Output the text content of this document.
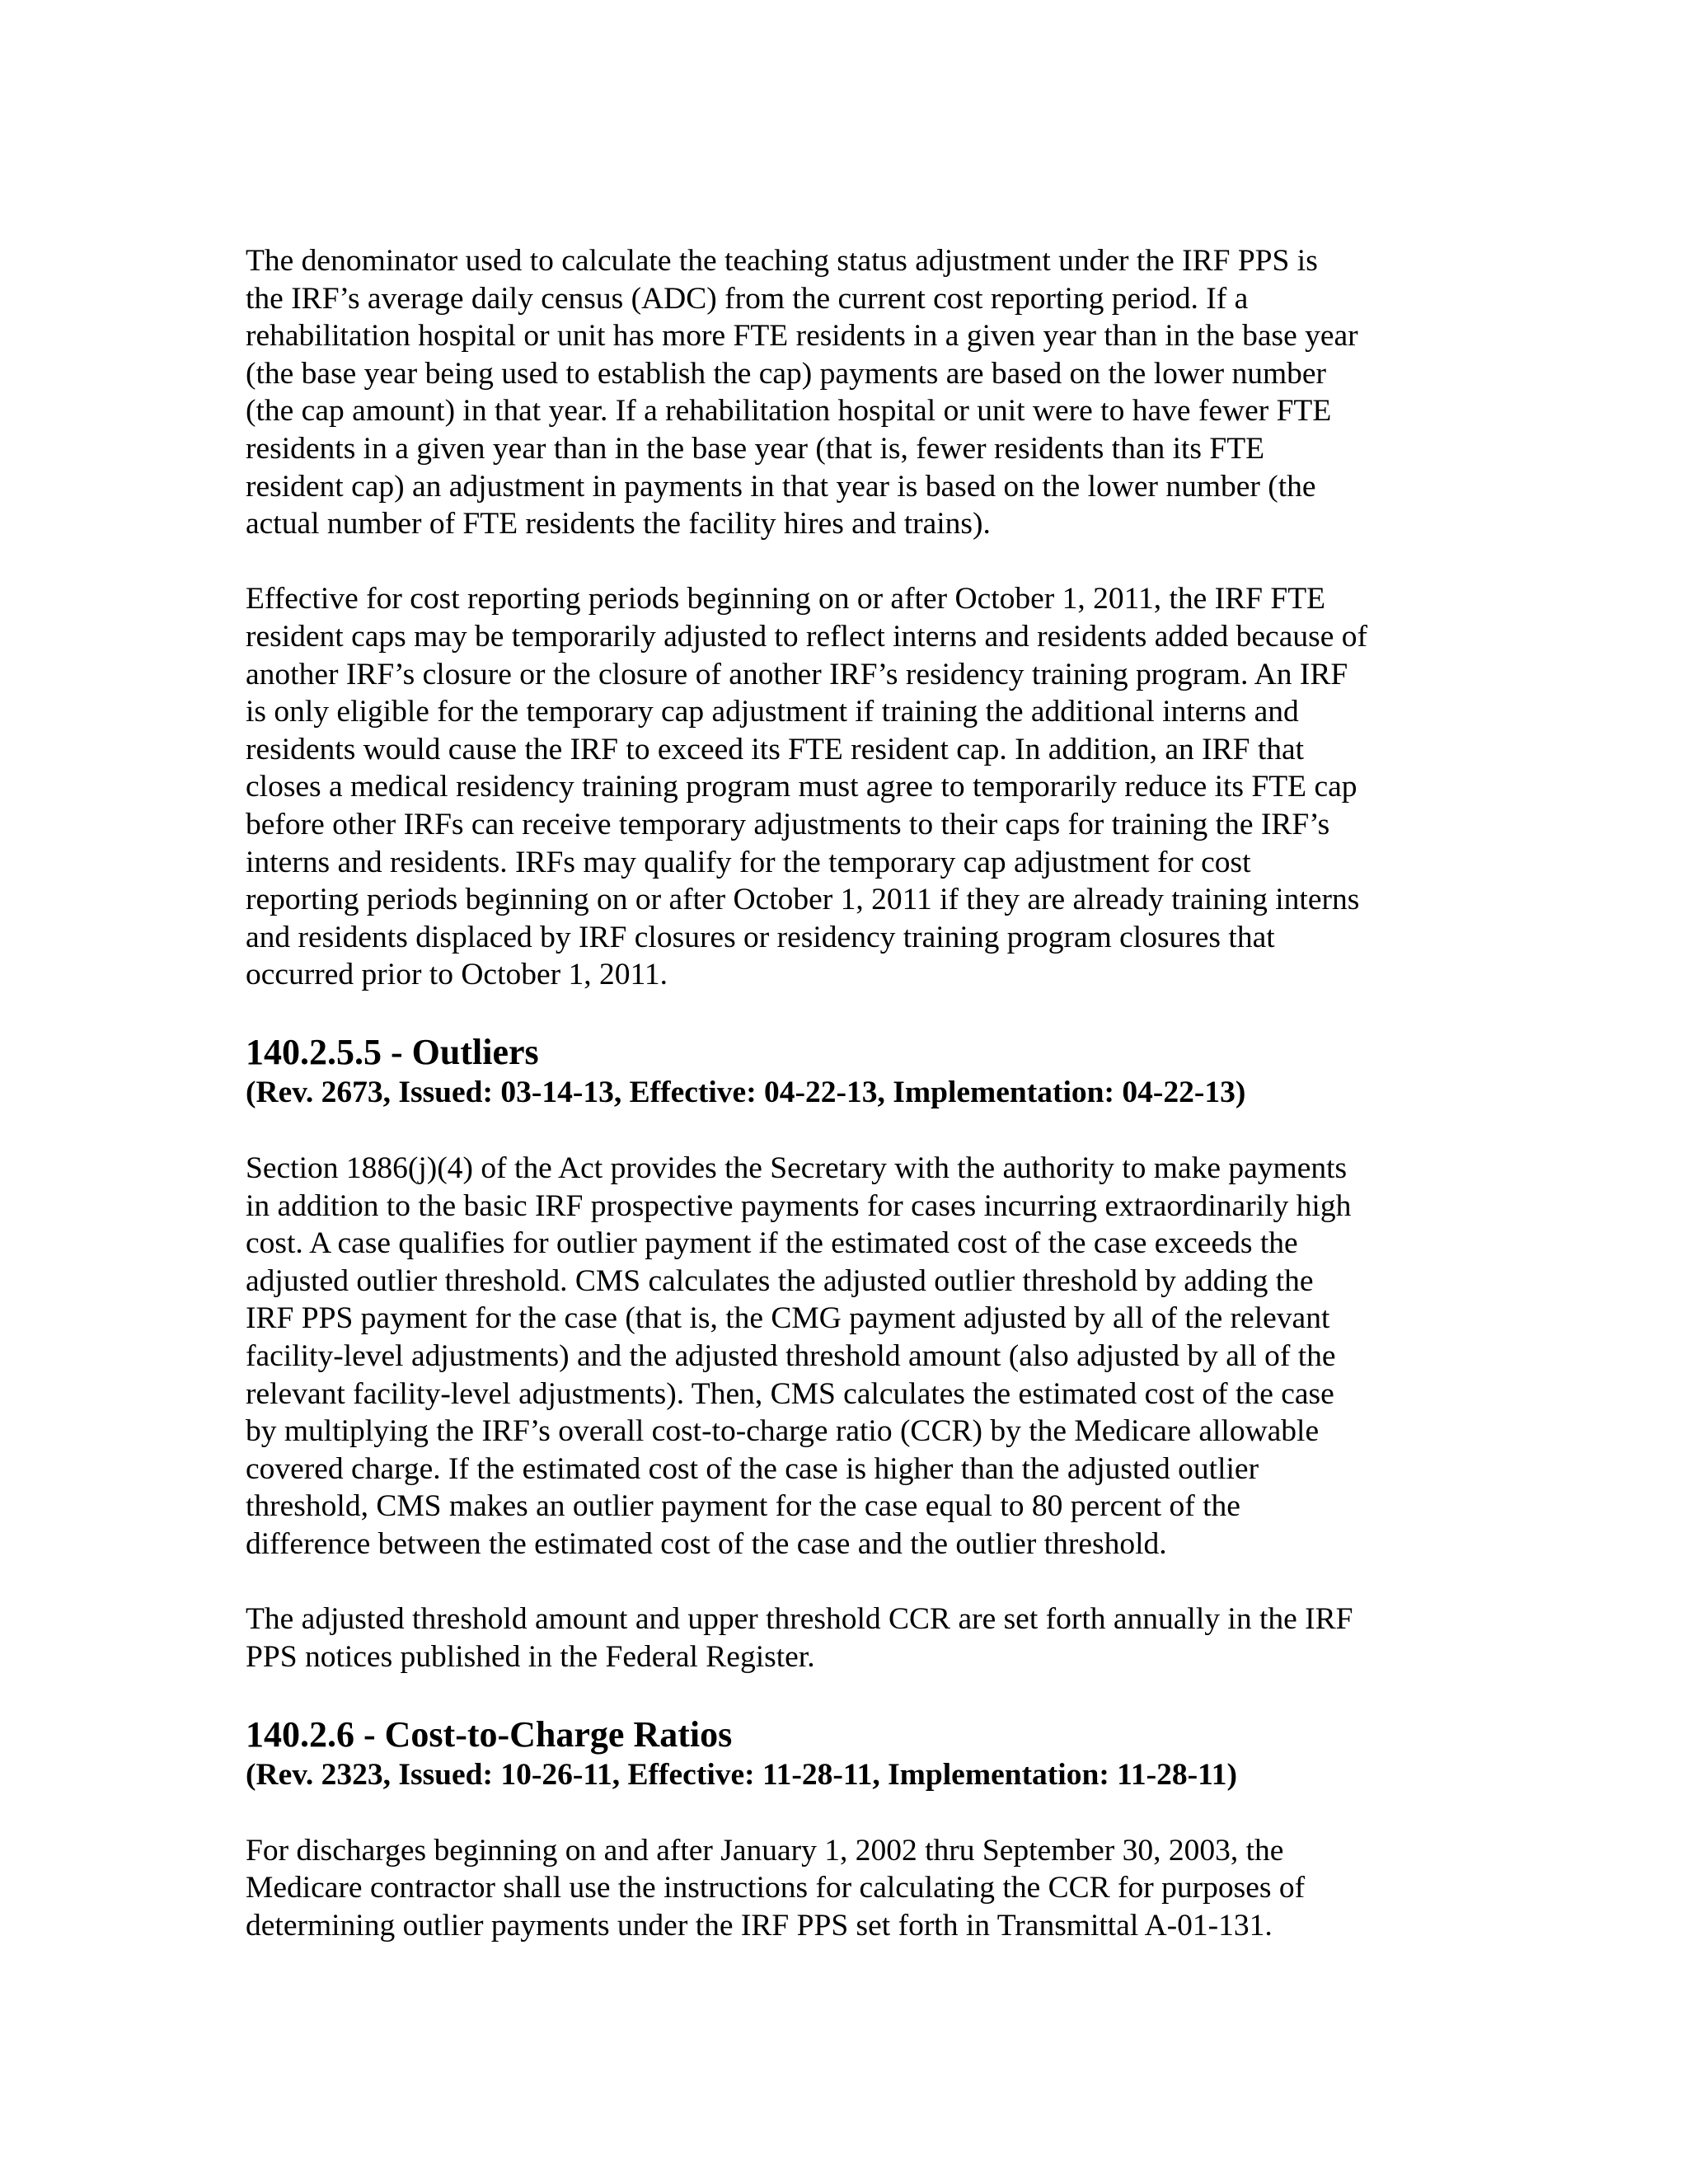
The denominator used to calculate the teaching status adjustment under the IRF PPS is
the IRF’s average daily census (ADC) from the current cost reporting period. If a
rehabilitation hospital or unit has more FTE residents in a given year than in the base year
(the base year being used to establish the cap) payments are based on the lower number
(the cap amount) in that year. If a rehabilitation hospital or unit were to have fewer FTE
residents in a given year than in the base year (that is, fewer residents than its FTE
resident cap) an adjustment in payments in that year is based on the lower number (the
actual number of FTE residents the facility hires and trains).

Effective for cost reporting periods beginning on or after October 1, 2011, the IRF FTE
resident caps may be temporarily adjusted to reflect interns and residents added because of
another IRF’s closure or the closure of another IRF’s residency training program. An IRF
is only eligible for the temporary cap adjustment if training the additional interns and
residents would cause the IRF to exceed its FTE resident cap. In addition, an IRF that
closes a medical residency training program must agree to temporarily reduce its FTE cap
before other IRFs can receive temporary adjustments to their caps for training the IRF’s
interns and residents. IRFs may qualify for the temporary cap adjustment for cost
reporting periods beginning on or after October 1, 2011 if they are already training interns
and residents displaced by IRF closures or residency training program closures that
occurred prior to October 1, 2011.

140.2.5.5 - Outliers

(Rev. 2673, Issued: 03-14-13, Effective: 04-22-13, Implementation: 04-22-13)

Section 1886(j)(4) of the Act provides the Secretary with the authority to make payments
in addition to the basic IRF prospective payments for cases incurring extraordinarily high
cost. A case qualifies for outlier payment if the estimated cost of the case exceeds the
adjusted outlier threshold. CMS calculates the adjusted outlier threshold by adding the
IRF PPS payment for the case (that is, the CMG payment adjusted by all of the relevant
facility-level adjustments) and the adjusted threshold amount (also adjusted by all of the
relevant facility-level adjustments). Then, CMS calculates the estimated cost of the case
by multiplying the IRF’s overall cost-to-charge ratio (CCR) by the Medicare allowable
covered charge. If the estimated cost of the case is higher than the adjusted outlier
threshold, CMS makes an outlier payment for the case equal to 80 percent of the
difference between the estimated cost of the case and the outlier threshold.

The adjusted threshold amount and upper threshold CCR are set forth annually in the IRF
PPS notices published in the Federal Register.

140.2.6 - Cost-to-Charge Ratios

(Rev. 2323, Issued: 10-26-11, Effective: 11-28-11, Implementation: 11-28-11)

For discharges beginning on and after January 1, 2002 thru September 30, 2003, the
Medicare contractor shall use the instructions for calculating the CCR for purposes of
determining outlier payments under the IRF PPS set forth in Transmittal A-01-131.
